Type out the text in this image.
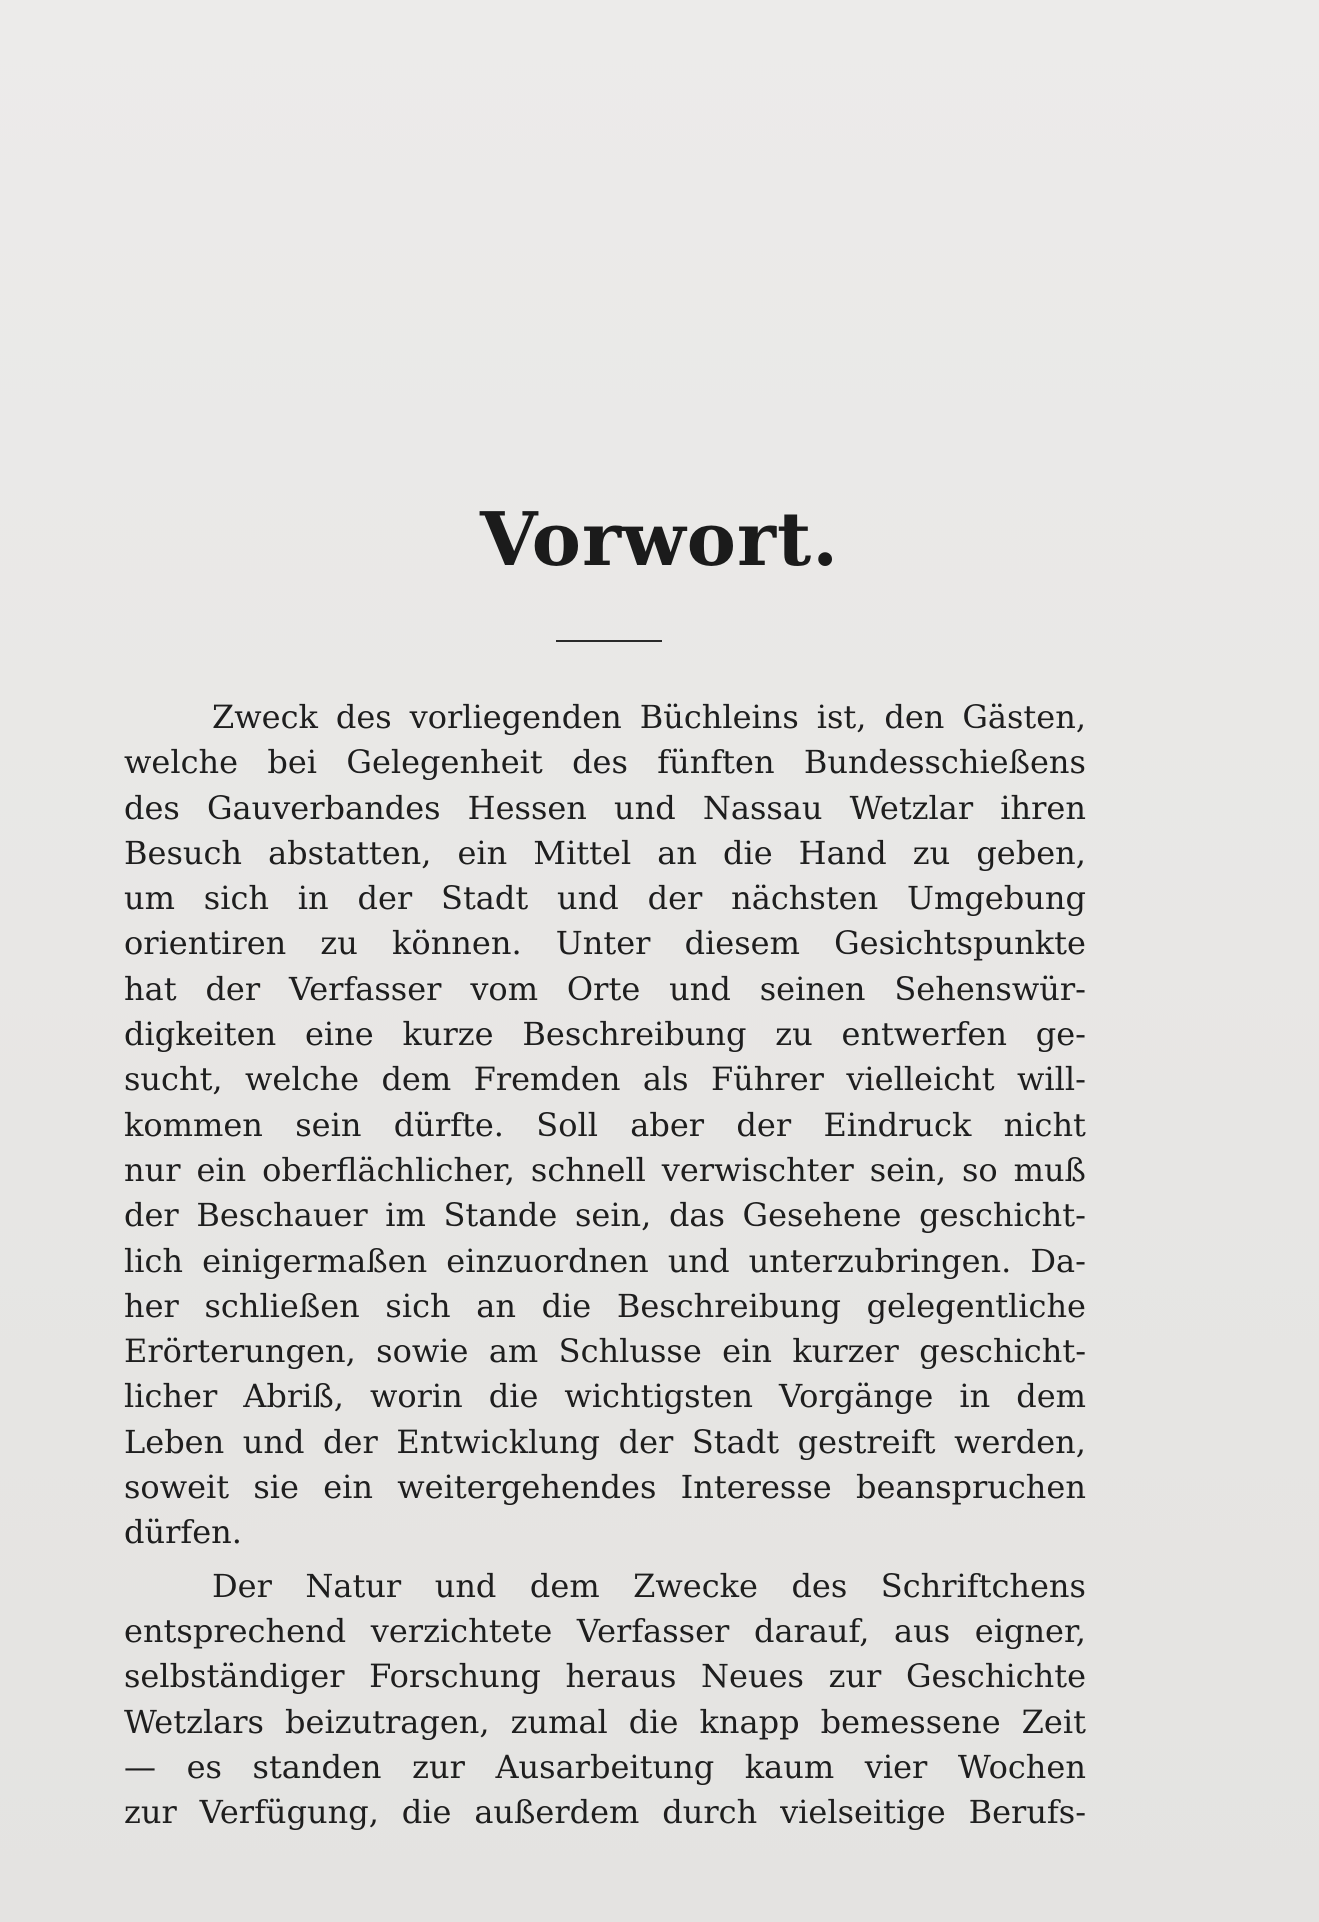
Vorwort.
Zweck des vorliegenden Büchleins ist, den Gästen,
welche bei Gelegenheit des fünften Bundesschießens
des Gauverbandes Hessen und Nassau Wetzlar ihren
Besuch abstatten, ein Mittel an die Hand zu geben,
um sich in der Stadt und der nächsten Umgebung
orientiren zu können. Unter diesem Gesichtspunkte
hat der Verfasser vom Orte und seinen Sehenswür-
digkeiten eine kurze Beschreibung zu entwerfen ge-
sucht, welche dem Fremden als Führer vielleicht will-
kommen sein dürfte. Soll aber der Eindruck nicht
nur ein oberflächlicher, schnell verwischter sein, so muß
der Beschauer im Stande sein, das Gesehene geschicht-
lich einigermaßen einzuordnen und unterzubringen. Da-
her schließen sich an die Beschreibung gelegentliche
Erörterungen, sowie am Schlusse ein kurzer geschicht-
licher Abriß, worin die wichtigsten Vorgänge in dem
Leben und der Entwicklung der Stadt gestreift werden,
soweit sie ein weitergehendes Interesse beanspruchen
dürfen.
Der Natur und dem Zwecke des Schriftchens
entsprechend verzichtete Verfasser darauf, aus eigner,
selbständiger Forschung heraus Neues zur Geschichte
Wetzlars beizutragen, zumal die knapp bemessene Zeit
— es standen zur Ausarbeitung kaum vier Wochen
zur Verfügung, die außerdem durch vielseitige Berufs-
